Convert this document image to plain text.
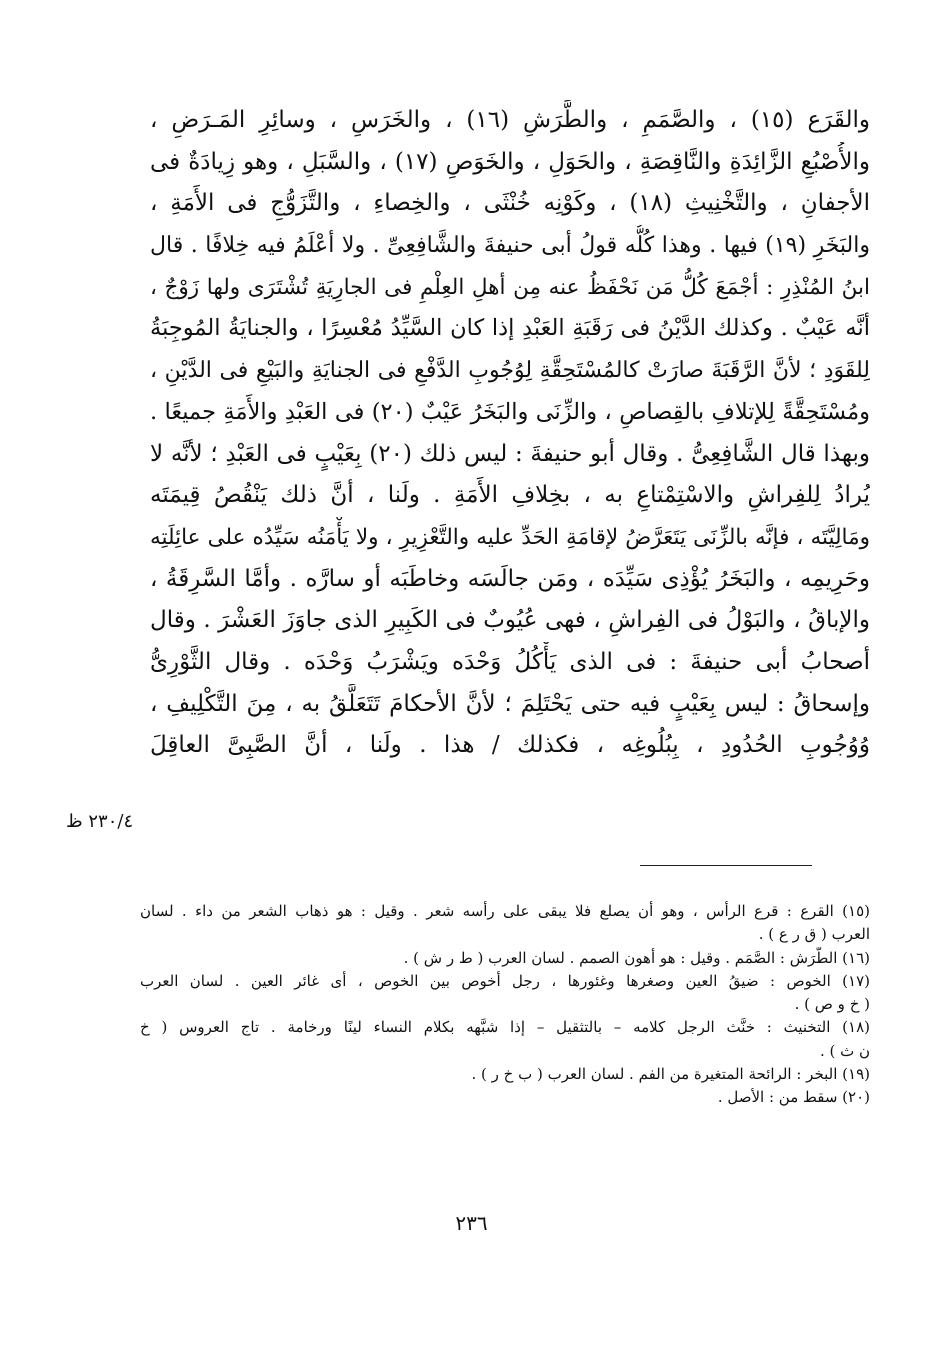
والقَرَع (١٥) ، والصَّمَمِ ، والطَّرَشِ (١٦) ، والخَرَسِ ، وسائِرِ المَـرَضِ ،
والأُصْبُعِ الزَّائِدَةِ والنَّاقِصَةِ ، والحَوَلِ ، والخَوَصِ (١٧) ، والسَّبَلِ ، وهو زِيادَةٌ فى
الأجفانِ ، والتَّخْنِيثِ (١٨) ، وكَوْنِه خُنْثَى ، والخِصاءِ ، والتَّزَوُّجِ فى الأَمَةِ ،
والبَخَرِ (١٩) فيها . وهذا كُلُّه قولُ أبى حنيفةَ والشَّافِعِىِّ . ولا أعْلَمُ فيه خِلافًا . قال
ابنُ المُنْذِرِ : أجْمَعَ كُلُّ مَن نَحْفَظُ عنه مِن أهلِ العِلْمِ فى الجارِيَةِ تُشْتَرَى ولها زَوْجٌ ،
أنَّه عَيْبٌ . وكذلك الدَّيْنُ فى رَقَبَةِ العَبْدِ إذا كان السَّيِّدُ مُعْسِرًا ، والجنايَةُ المُوجِبَةُ
لِلقَوَدِ ؛ لأنَّ الرَّقَبَةَ صارَتْ كالمُسْتَحِقَّةِ لِوُجُوبِ الدَّفْعِ فى الجنايَةِ والبَيْعِ فى الدَّيْنِ ،
ومُسْتَحِقَّةً لِلإتلافِ بالقِصاصِ ، والزِّنَى والبَخَرُ عَيْبٌ (٢٠) فى العَبْدِ والأَمَةِ جميعًا .
وبهذا قال الشَّافِعِىُّ . وقال أبو حنيفةَ : ليس ذلك (٢٠) بِعَيْبٍ فى العَبْدِ ؛ لأنَّه لا
يُرادُ لِلفِراشِ والاسْتِمْتاعِ به ، بخِلافِ الأَمَةِ . ولَنا ، أنَّ ذلك يَنْقُصُ قِيمَتَه
ومَالِيَّتَه ، فإنَّه بالزِّنَى يَتَعَرَّضُ لإقامَةِ الحَدِّ عليه والتَّعْزِيرِ ، ولا يَأْمَنُه سَيِّدُه على عائِلَتِه
وحَرِيمِه ، والبَخَرُ يُؤْذِى سَيِّدَه ، ومَن جالَسَه وخاطَبَه أو سارَّه . وأمَّا السَّرِقَةُ ،
والإباقُ ، والبَوْلُ فى الفِراشِ ، فهى عُيُوبٌ فى الكَبِيرِ الذى جاوَزَ العَشْرَ . وقال
أصحابُ أبى حنيفةَ : فى الذى يَأْكُلُ وَحْدَه ويَشْرَبُ وَحْدَه . وقال الثَّوْرِىُّ
وإسحاقُ : ليس بِعَيْبٍ فيه حتى يَحْتَلِمَ ؛ لأنَّ الأحكامَ تَتَعَلَّقُ به ، مِنَ التَّكْلِيفِ ،
وُوُجُوبِ الحُدُودِ ، بِبُلُوغِه ، فكذلك / هذا . ولَنا ، أنَّ الصَّبِىَّ العاقِلَ
٢٣٠/٤ ظ
(١٥) القرع : قرع الرأس ، وهو أن يصلع فلا يبقى على رأسه شعر . وقيل : هو ذهاب الشعر من داء . لسان
العرب ( ق ر ع ) .
(١٦) الطَّرَش : الصَّمَم . وقيل : هو أهون الصمم . لسان العرب ( ط ر ش ) .
(١٧) الخوص : ضيقُ العين وصغرها وغئورها ، رجل أخوص بين الخوص ، أى غائر العين . لسان العرب
( خ و ص ) .
(١٨) التخنيث : خنَّث الرجل كلامه – بالتثقيل – إذا شبَّهه بكلام النساء لينًا ورخامة . تاج العروس ( خ
ن ث ) .
(١٩) البخر : الرائحة المتغيرة من الفم . لسان العرب ( ب خ ر ) .
(٢٠) سقط من : الأصل .
٢٣٦
